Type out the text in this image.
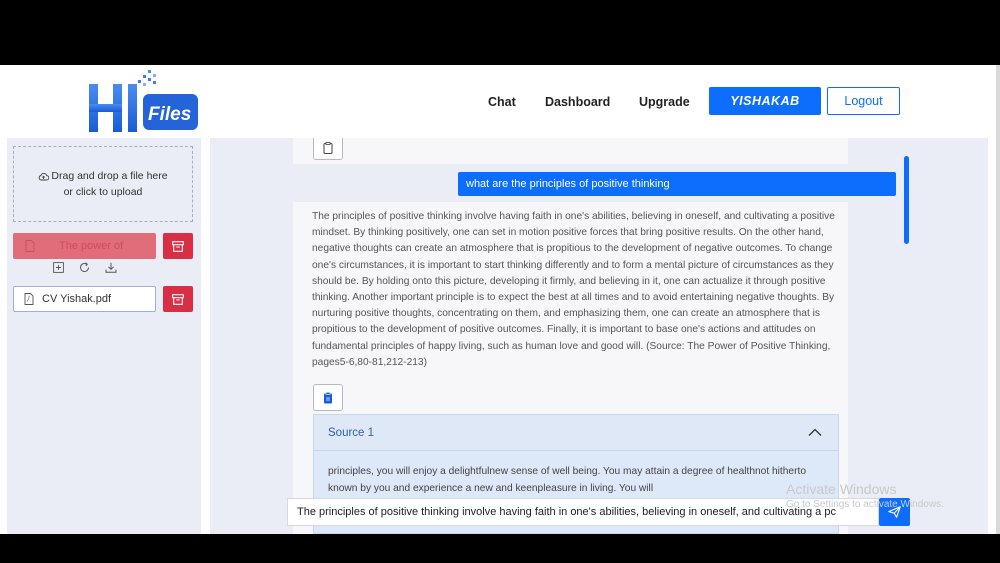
Files
Chat Dashboard Upgrade	YISHAKAB	Logout
Drag and drop a file here
or click to upload
The power of
CV Yishak.pdf
what are the principles of positive thinking
The principles of positive thinking involve having faith in one's abilities, believing in oneself, and cultivating a positive mindset. By thinking positively, one can set in motion positive forces that bring positive results. On the other hand, negative thoughts can create an atmosphere that is propitious to the development of negative outcomes. To change one's circumstances, it is important to start thinking differently and to form a mental picture of circumstances as they should be. By holding onto this picture, developing it firmly, and believing in it, one can actualize it through positive thinking. Another important principle is to expect the best at all times and to avoid entertaining negative thoughts. By nurturing positive thoughts, concentrating on them, and emphasizing them, one can create an atmosphere that is propitious to the development of positive outcomes. Finally, it is important to base one's actions and attitudes on fundamental principles of happy living, such as human love and good will. (Source: The Power of Positive Thinking, pages5-6,80-81,212-213)
Source 1
principles, you will enjoy a delightfulnew sense of well being. You may attain a degree of healthnot hitherto known by you and experience a new and keenpleasure in living. You will
The principles of positive thinking involve having faith in one's abilities, believing in oneself, and cultivating a pc
Activate Windows
Go to Settings to activate Windows.
